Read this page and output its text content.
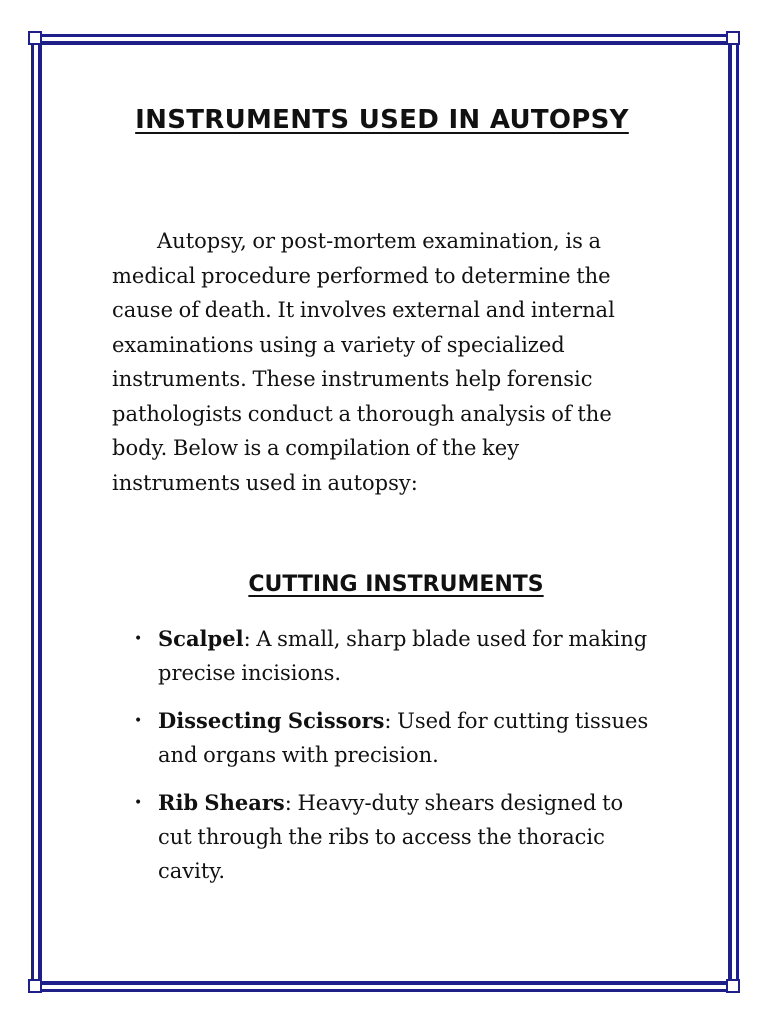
INSTRUMENTS USED IN AUTOPSY

Autopsy, or post-mortem examination, is a medical procedure performed to determine the cause of death. It involves external and internal examinations using a variety of specialized instruments. These instruments help forensic pathologists conduct a thorough analysis of the body. Below is a compilation of the key instruments used in autopsy:

CUTTING INSTRUMENTS
• Scalpel: A small, sharp blade used for making precise incisions.
• Dissecting Scissors: Used for cutting tissues and organs with precision.
• Rib Shears: Heavy-duty shears designed to cut through the ribs to access the thoracic cavity.
